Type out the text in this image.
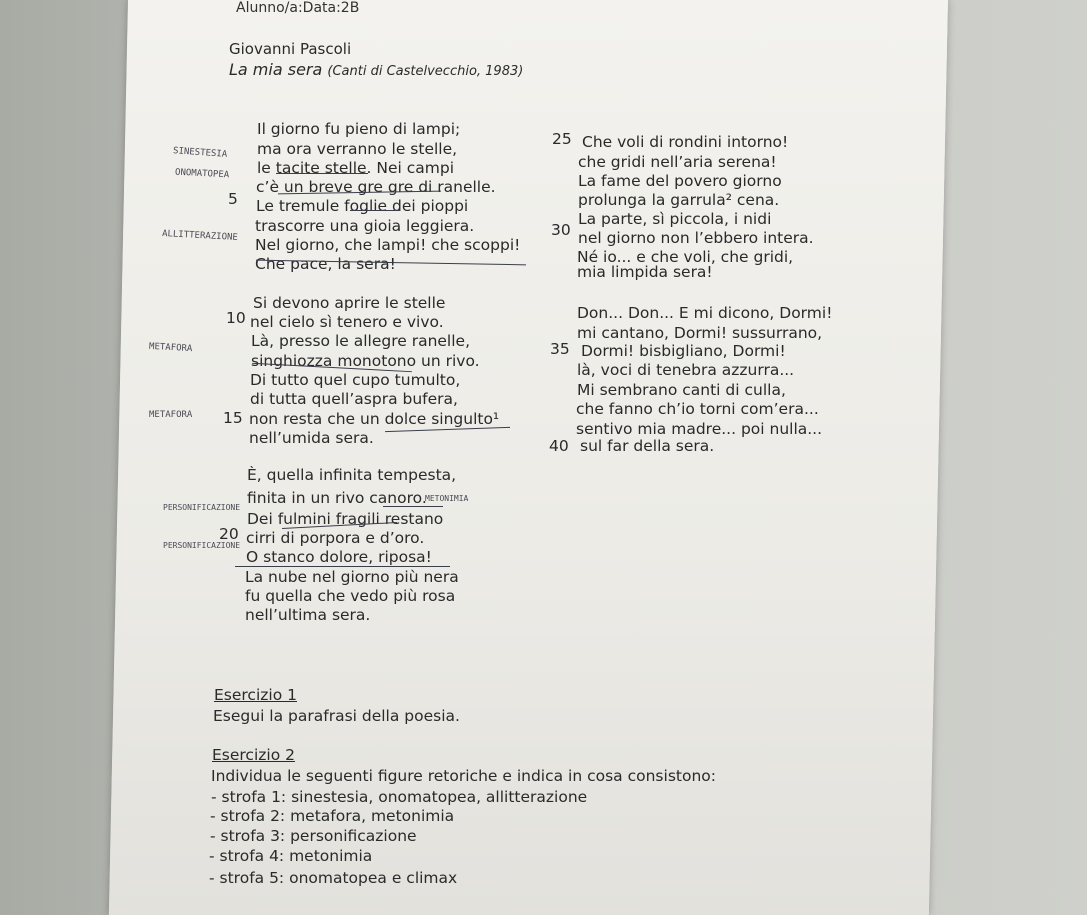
Alunno/a:Data:2B
Giovanni Pascoli
La mia sera (Canti di Castelvecchio, 1983)
Il giorno fu pieno di lampi;
ma ora verranno le stelle,
le tacite stelle. Nei campi
c’è un breve gre gre di ranelle.
Le tremule foglie dei pioppi
trascorre una gioia leggiera.
Nel giorno, che lampi! che scoppi!
Che pace, la sera!
Si devono aprire le stelle
nel cielo sì tenero e vivo.
Là, presso le allegre ranelle,
singhiozza monotono un rivo.
Di tutto quel cupo tumulto,
di tutta quell’aspra bufera,
non resta che un dolce singulto¹
nell’umida sera.
È, quella infinita tempesta,
finita in un rivo canoro.
Dei fulmini fragili restano
cirri di porpora e d’oro.
O stanco dolore, riposa!
La nube nel giorno più nera
fu quella che vedo più rosa
nell’ultima sera.
5
10
15
20
Che voli di rondini intorno!
che gridi nell’aria serena!
La fame del povero giorno
prolunga la garrula² cena.
La parte, sì piccola, i nidi
nel giorno non l’ebbero intera.
Né io... e che voli, che gridi,
mia limpida sera!
Don... Don... E mi dicono, Dormi!
mi cantano, Dormi! sussurrano,
Dormi! bisbigliano, Dormi!
là, voci di tenebra azzurra...
Mi sembrano canti di culla,
che fanno ch’io torni com’era...
sentivo mia madre... poi nulla...
sul far della sera.
25
30
35
40
SINESTESIA
ONOMATOPEA
ALLITTERAZIONE
METAFORA
METAFORA
METONIMIA
PERSONIFICAZIONE
PERSONIFICAZIONE
Esercizio 1
Esegui la parafrasi della poesia.
Esercizio 2
Individua le seguenti figure retoriche e indica in cosa consistono:
- strofa 1: sinestesia, onomatopea, allitterazione
- strofa 2: metafora, metonimia
- strofa 3: personificazione
- strofa 4: metonimia
- strofa 5: onomatopea e climax
